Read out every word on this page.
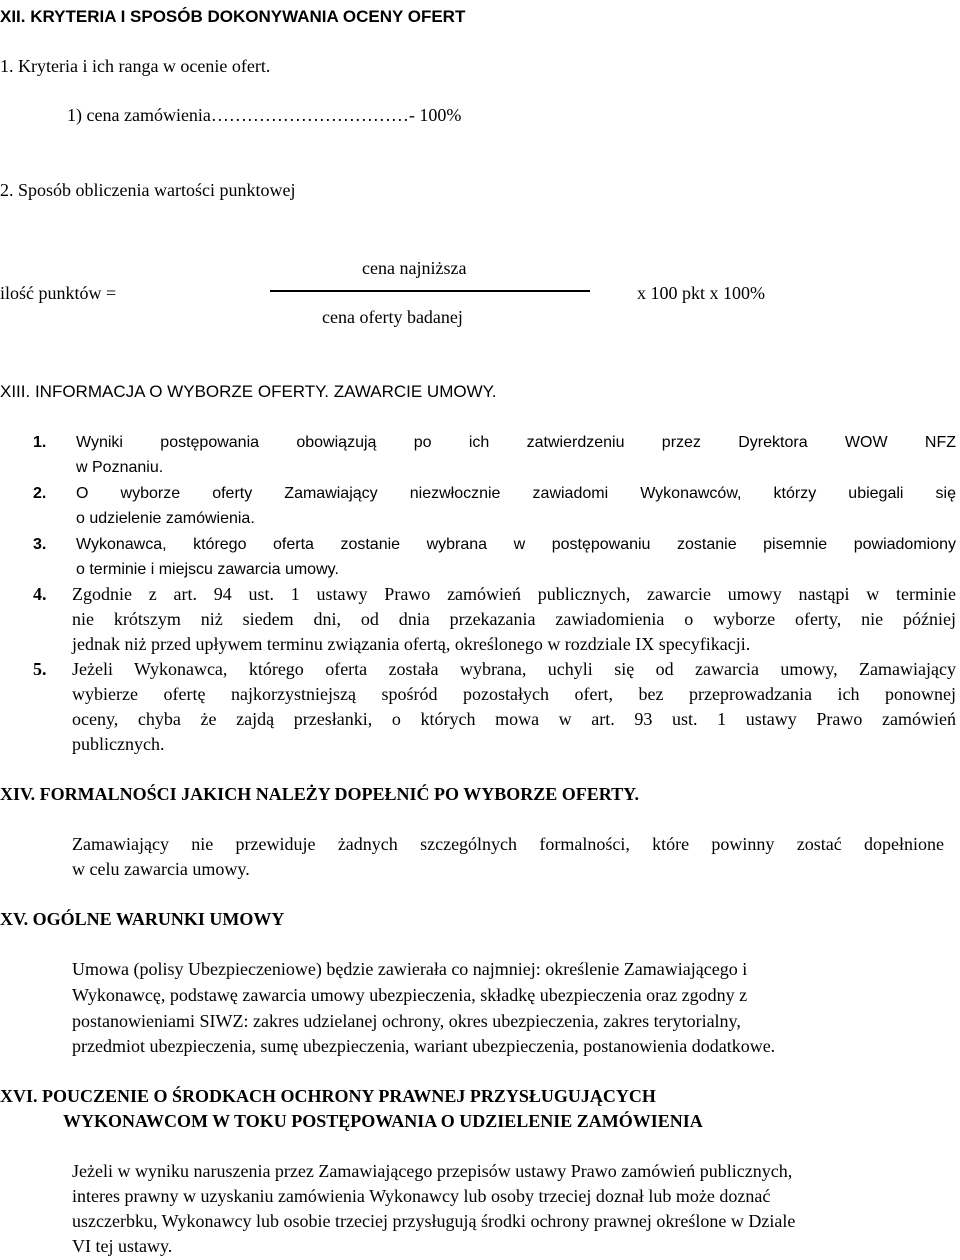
XII. KRYTERIA I SPOSÓB DOKONYWANIA OCENY OFERT
1. Kryteria i ich ranga w ocenie ofert.
1) cena zamówienia……………………………- 100%
2. Sposób obliczenia wartości punktowej
ilość punktów =
cena najniższa
cena oferty badanej
x 100 pkt x 100%
XIII. INFORMACJA O WYBORZE OFERTY. ZAWARCIE UMOWY.
1. Wyniki postępowania obowiązują po ich zatwierdzeniu przez Dyrektora WOW NFZ
w Poznaniu.
2. O wyborze oferty Zamawiający niezwłocznie zawiadomi Wykonawców, którzy ubiegali się
o udzielenie zamówienia.
3. Wykonawca, którego oferta zostanie wybrana w postępowaniu zostanie pisemnie powiadomiony
o terminie i miejscu zawarcia umowy.
4. Zgodnie z art. 94 ust. 1 ustawy Prawo zamówień publicznych, zawarcie umowy nastąpi w terminie
nie krótszym niż siedem dni, od dnia przekazania zawiadomienia o wyborze oferty, nie później
jednak niż przed upływem terminu związania ofertą, określonego w rozdziale IX specyfikacji.
5. Jeżeli Wykonawca, którego oferta została wybrana, uchyli się od zawarcia umowy, Zamawiający
wybierze ofertę najkorzystniejszą spośród pozostałych ofert, bez przeprowadzania ich ponownej
oceny, chyba że zajdą przesłanki, o których mowa w art. 93 ust. 1 ustawy Prawo zamówień
publicznych.
XIV. FORMALNOŚCI JAKICH NALEŻY DOPEŁNIĆ PO WYBORZE OFERTY.
Zamawiający nie przewiduje żadnych szczególnych formalności, które powinny zostać dopełnione
w celu zawarcia umowy.
XV. OGÓLNE WARUNKI UMOWY
Umowa (polisy Ubezpieczeniowe) będzie zawierała co najmniej: określenie Zamawiającego i
Wykonawcę, podstawę zawarcia umowy ubezpieczenia, składkę ubezpieczenia oraz zgodny z
postanowieniami SIWZ: zakres udzielanej ochrony, okres ubezpieczenia, zakres terytorialny,
przedmiot ubezpieczenia, sumę ubezpieczenia, wariant ubezpieczenia, postanowienia dodatkowe.
XVI. POUCZENIE O ŚRODKACH OCHRONY PRAWNEJ PRZYSŁUGUJĄCYCH
WYKONAWCOM W TOKU POSTĘPOWANIA O UDZIELENIE ZAMÓWIENIA
Jeżeli w wyniku naruszenia przez Zamawiającego przepisów ustawy Prawo zamówień publicznych,
interes prawny w uzyskaniu zamówienia Wykonawcy lub osoby trzeciej doznał lub może doznać
uszczerbku, Wykonawcy lub osobie trzeciej przysługują środki ochrony prawnej określone w Dziale
VI tej ustawy.
